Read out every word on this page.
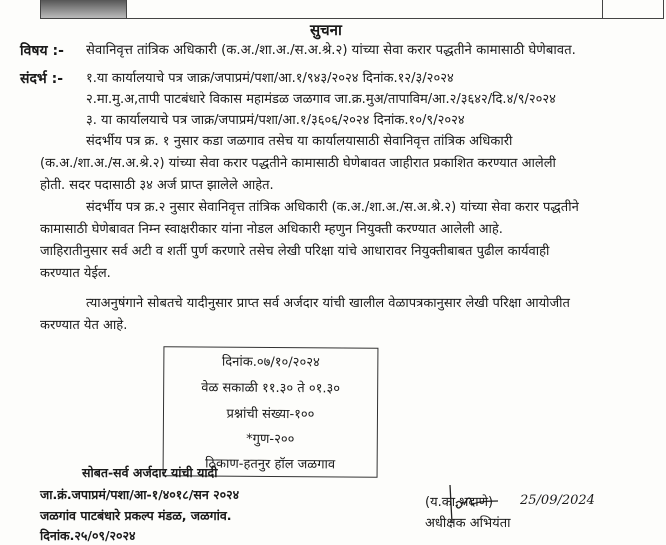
सुचना
विषय :- सेवानिवृत्त तांत्रिक अधिकारी (क.अ./शा.अ./स.अ.श्रे.२) यांच्या सेवा करार पद्धतीने कामासाठी घेणेबावत.
संदर्भ :- १.या कार्यालयाचे पत्र जाक्र/जपाप्रमं/पशा/आ.१/९४३/२०२४ दिनांक.१२/३/२०२४
२.मा.मु.अ,तापी पाटबंधारे विकास महामंडळ जळगाव जा.क्र.मुअ/तापाविम/आ.२/३६४२/दि.४/९/२०२४
३. या कार्यालयाचे पत्र जाक्र/जपाप्रमं/पशा/आ.१/३६०६/२०२४ दिनांक.१०/९/२०२४
संदर्भीय पत्र क्र. १ नुसार कडा जळगाव तसेच या कार्यालयासाठी सेवानिवृत्त तांत्रिक अधिकारी
(क.अ./शा.अ./स.अ.श्रे.२) यांच्या सेवा करार पद्धतीने कामासाठी घेणेबावत जाहीरात प्रकाशित करण्यात आलेली
होती. सदर पदासाठी ३४ अर्ज प्राप्त झालेले आहेत.
संदर्भीय पत्र क्र.२ नुसार सेवानिवृत्त तांत्रिक अधिकारी (क.अ./शा.अ./स.अ.श्रे.२) यांच्या सेवा करार पद्धतीने
कामासाठी घेणेबावत निम्न स्वाक्षरीकार यांना नोडल अधिकारी म्हणुन नियुक्ती करण्यात आलेली आहे.
जाहिरातीनुसार सर्व अटी व शर्ती पुर्ण करणारे तसेच लेखी परिक्षा यांचे आधारावर नियुक्तीबाबत पुढील कार्यवाही
करण्यात येईल.
त्याअनुषंगाने सोबतचे यादीनुसार प्राप्त सर्व अर्जदार यांची खालील वेळापत्रकानुसार लेखी परिक्षा आयोजीत
करण्यात येत आहे.
दिनांक.०७/१०/२०२४
वेळ सकाळी ११.३० ते ०१.३०
प्रश्नांची संख्या-१००
*गुण-२००
ठिकाण-हतनुर हॉल जळगाव
सोबत-सर्व अर्जदार यांची यादी
जा.क्रं.जपाप्रमं/पशा/आ-१/४०१८/सन २०२४
जळगांव पाटबंधारे प्रकल्प मंडळ, जळगांव.
दिनांक.२५/०९/२०२४
(य.का.भदाणे) 25/09/2024
अधीक्षक अभियंता
